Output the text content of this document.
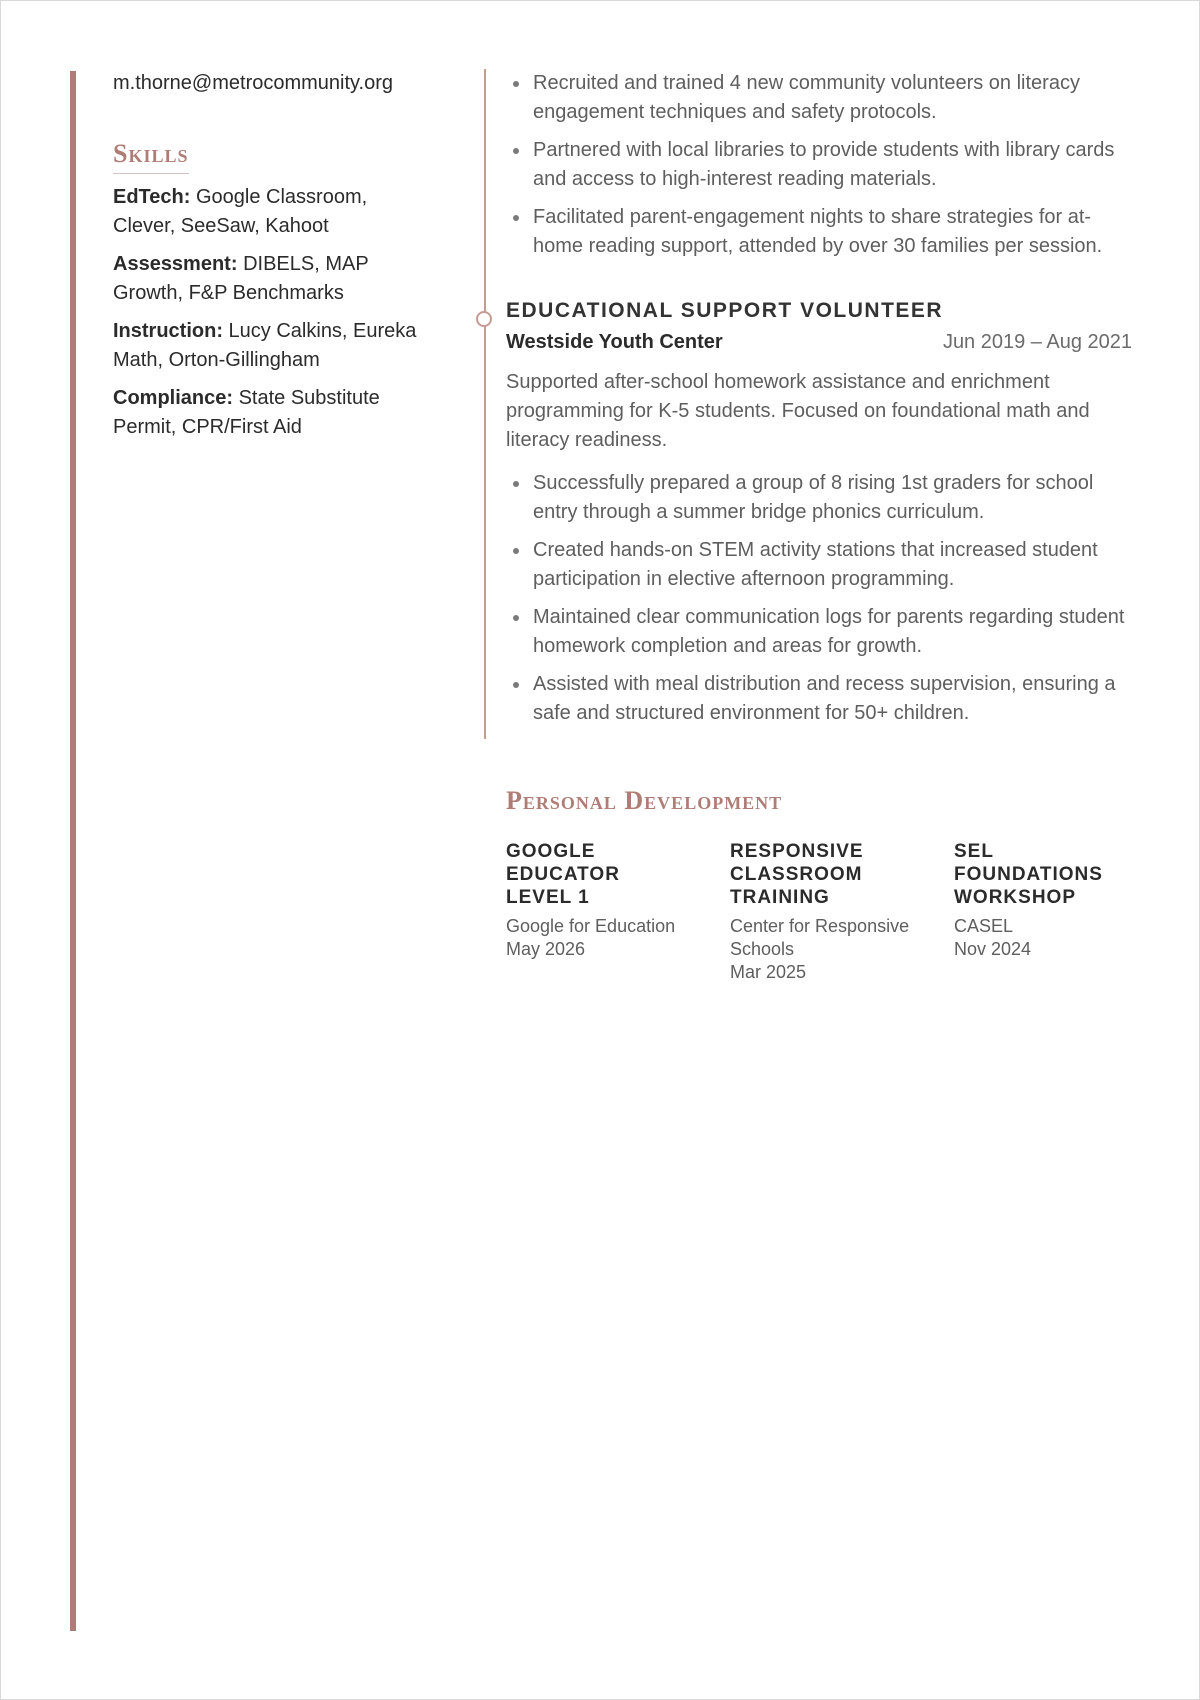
m.thorne@metrocommunity.org

Skills

EdTech: Google Classroom, Clever, SeeSaw, Kahoot

Assessment: DIBELS, MAP Growth, F&P Benchmarks

Instruction: Lucy Calkins, Eureka Math, Orton-Gillingham

Compliance: State Substitute Permit, CPR/First Aid

Recruited and trained 4 new community volunteers on literacy engagement techniques and safety protocols.
Partnered with local libraries to provide students with library cards and access to high-interest reading materials.
Facilitated parent-engagement nights to share strategies for at-home reading support, attended by over 30 families per session.
EDUCATIONAL SUPPORT VOLUNTEER
Westside Youth Center	Jun 2019 – Aug 2021

Supported after-school homework assistance and enrichment programming for K-5 students. Focused on foundational math and literacy readiness.

Successfully prepared a group of 8 rising 1st graders for school entry through a summer bridge phonics curriculum.
Created hands-on STEM activity stations that increased student participation in elective afternoon programming.
Maintained clear communication logs for parents regarding student homework completion and areas for growth.
Assisted with meal distribution and recess supervision, ensuring a safe and structured environment for 50+ children.
Personal Development
GOOGLE EDUCATOR LEVEL 1
Google for Education
May 2026
RESPONSIVE CLASSROOM TRAINING
Center for Responsive Schools
Mar 2025
SEL FOUNDATIONS WORKSHOP
CASEL
Nov 2024
